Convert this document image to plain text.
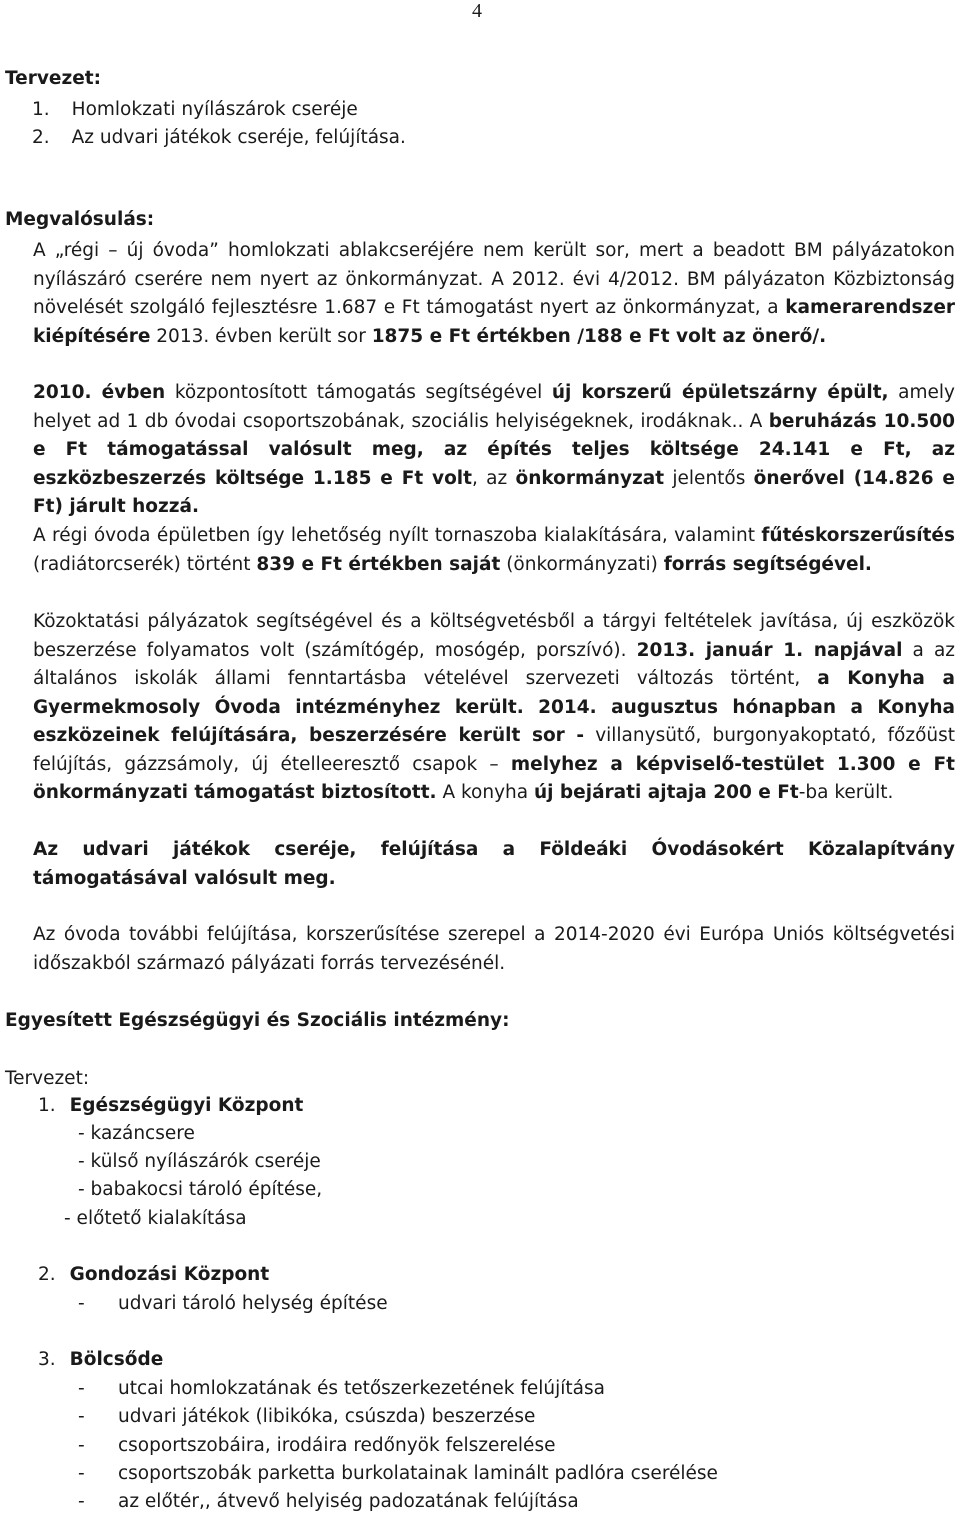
4
Tervezet:
1. Homlokzati nyílászárok cseréje
2. Az udvari játékok cseréje, felújítása.
Megvalósulás:
A „régi – új óvoda” homlokzati ablakcseréjére nem került sor, mert a beadott BM pályázatokon nyílászáró cserére nem nyert az önkormányzat. A 2012. évi 4/2012. BM pályázaton Közbiztonság növelését szolgáló fejlesztésre 1.687 e Ft támogatást nyert az önkormányzat, a kamerarendszer kiépítésére 2013. évben került sor 1875 e Ft értékben /188 e Ft volt az önerő/.
2010. évben központosított támogatás segítségével új korszerű épületszárny épült, amely helyet ad 1 db óvodai csoportszobának, szociális helyiségeknek, irodáknak.. A beruházás 10.500 e Ft támogatással valósult meg, az építés teljes költsége 24.141 e Ft, az eszközbeszerzés költsége 1.185 e Ft volt, az önkormányzat jelentős önerővel (14.826 e Ft) járult hozzá.
A régi óvoda épületben így lehetőség nyílt tornaszoba kialakítására, valamint fűtéskorszerűsítés (radiátorcserék) történt 839 e Ft értékben saját (önkormányzati) forrás segítségével.
Közoktatási pályázatok segítségével és a költségvetésből a tárgyi feltételek javítása, új eszközök beszerzése folyamatos volt (számítógép, mosógép, porszívó). 2013. január 1. napjával a az általános iskolák állami fenntartásba vételével szervezeti változás történt, a Konyha a Gyermekmosoly Óvoda intézményhez került. 2014. augusztus hónapban a Konyha eszközeinek felújítására, beszerzésére került sor - villanysütő, burgonyakoptató, főzőüst felújítás, gázzsámoly, új ételleeresztő csapok – melyhez a képviselő-testület 1.300 e Ft önkormányzati támogatást biztosított. A konyha új bejárati ajtaja 200 e Ft-ba került.
Az udvari játékok cseréje, felújítása a Földeáki Óvodásokért Közalapítvány támogatásával valósult meg.
Az óvoda további felújítása, korszerűsítése szerepel a 2014-2020 évi Európa Uniós költségvetési időszakból származó pályázati forrás tervezésénél.
Egyesített Egészségügyi és Szociális intézmény:
Tervezet:
1. Egészségügyi Központ
- kazáncsere
- külső nyílászárók cseréje
- babakocsi tároló építése,
- előtető kialakítása
2. Gondozási Központ
- udvari tároló helység építése
3. Bölcsőde
- utcai homlokzatának és tetőszerkezetének felújítása
- udvari játékok (libikóka, csúszda) beszerzése
- csoportszobáira, irodáira redőnyök felszerelése
- csoportszobák parketta burkolatainak laminált padlóra cserélése
- az előtér,, átvevő helyiség padozatának felújítása
